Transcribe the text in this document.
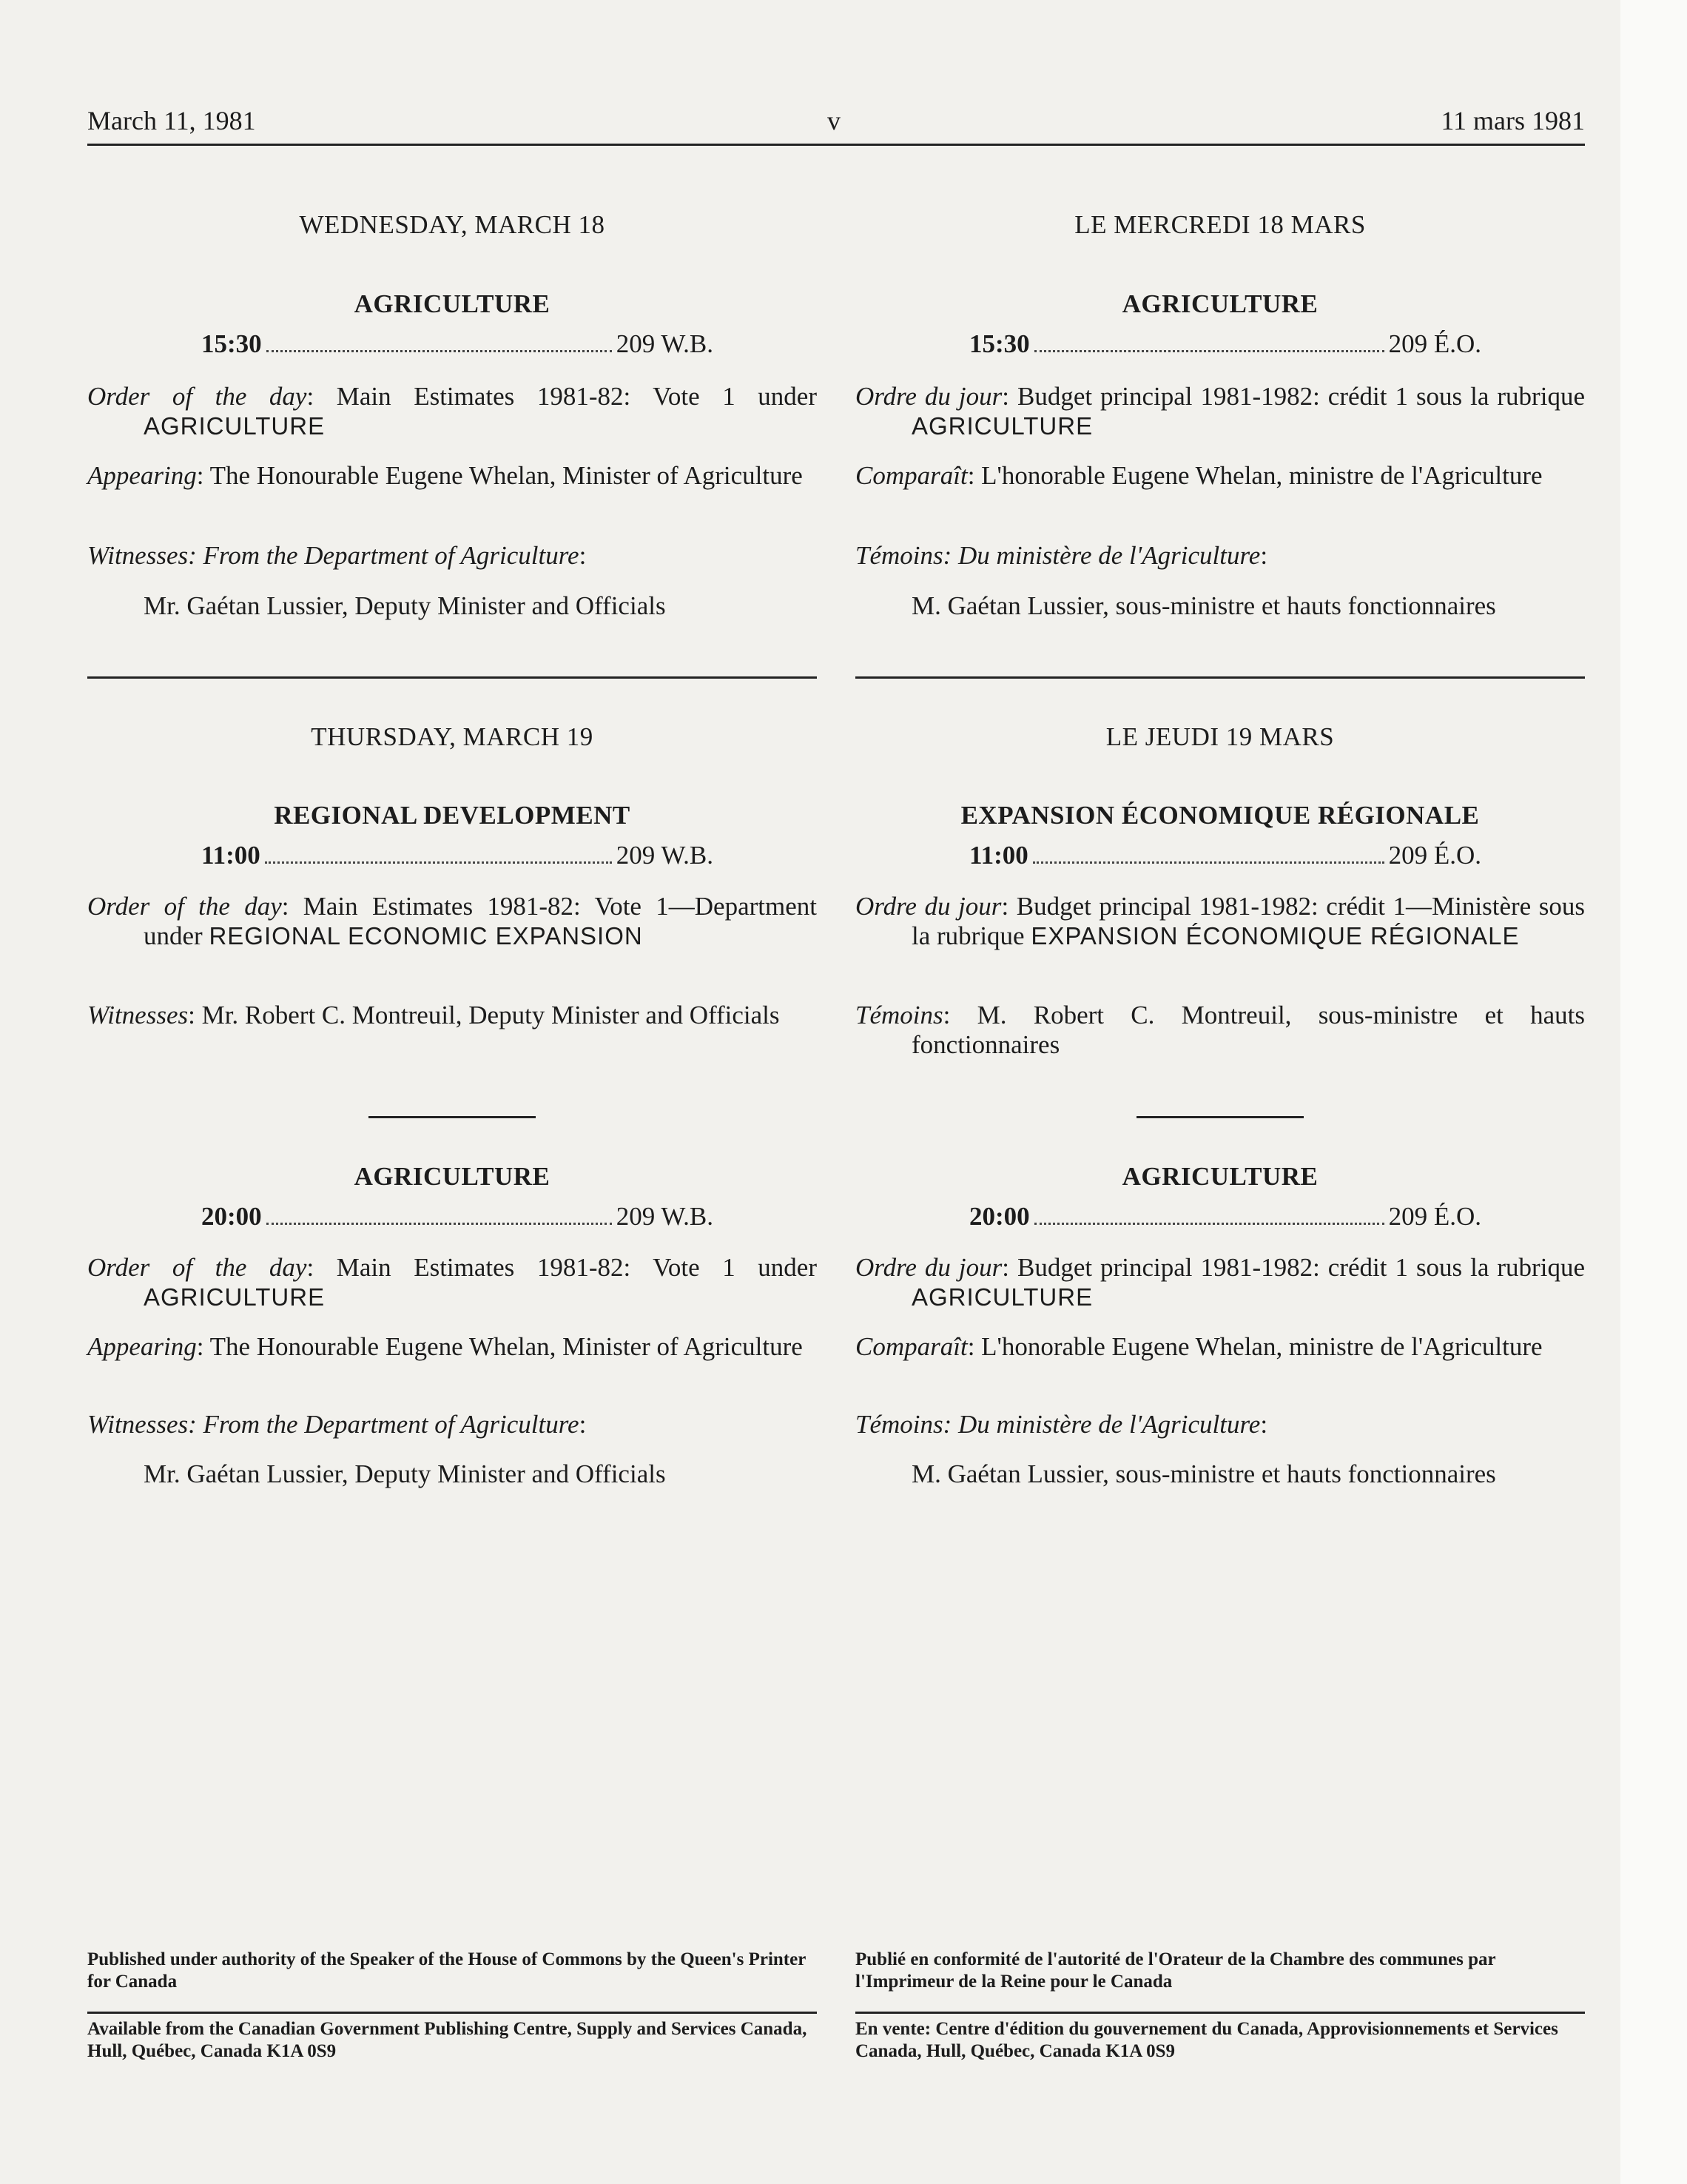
March 11, 1981	v	11 mars 1981
WEDNESDAY, MARCH 18
AGRICULTURE
15:30	209 W.B.
Order of the day: Main Estimates 1981-82: Vote 1 under AGRICULTURE
Appearing: The Honourable Eugene Whelan, Minister of Agriculture
Witnesses: From the Department of Agriculture:
Mr. Gaétan Lussier, Deputy Minister and Officials
THURSDAY, MARCH 19
REGIONAL DEVELOPMENT
11:00	209 W.B.
Order of the day: Main Estimates 1981-82: Vote 1—Department under REGIONAL ECONOMIC EXPANSION
Witnesses: Mr. Robert C. Montreuil, Deputy Minister and Officials
AGRICULTURE
20:00	209 W.B.
Order of the day: Main Estimates 1981-82: Vote 1 under AGRICULTURE
Appearing: The Honourable Eugene Whelan, Minister of Agriculture
Witnesses: From the Department of Agriculture:
Mr. Gaétan Lussier, Deputy Minister and Officials
Published under authority of the Speaker of the House of Commons by the Queen's Printer for Canada
Available from the Canadian Government Publishing Centre, Supply and Services Canada, Hull, Québec, Canada K1A 0S9
LE MERCREDI 18 MARS
AGRICULTURE
15:30	209 É.O.
Ordre du jour: Budget principal 1981-1982: crédit 1 sous la rubrique AGRICULTURE
Comparaît: L'honorable Eugene Whelan, ministre de l'Agriculture
Témoins: Du ministère de l'Agriculture:
M. Gaétan Lussier, sous-ministre et hauts fonctionnaires
LE JEUDI 19 MARS
EXPANSION ÉCONOMIQUE RÉGIONALE
11:00	209 É.O.
Ordre du jour: Budget principal 1981-1982: crédit 1—Ministère sous la rubrique EXPANSION ÉCONOMIQUE RÉGIONALE
Témoins: M. Robert C. Montreuil, sous-ministre et hauts fonctionnaires
AGRICULTURE
20:00	209 É.O.
Ordre du jour: Budget principal 1981-1982: crédit 1 sous la rubrique AGRICULTURE
Comparaît: L'honorable Eugene Whelan, ministre de l'Agriculture
Témoins: Du ministère de l'Agriculture:
M. Gaétan Lussier, sous-ministre et hauts fonctionnaires
Publié en conformité de l'autorité de l'Orateur de la Chambre des communes par l'Imprimeur de la Reine pour le Canada
En vente: Centre d'édition du gouvernement du Canada, Approvisionnements et Services Canada, Hull, Québec, Canada K1A 0S9
